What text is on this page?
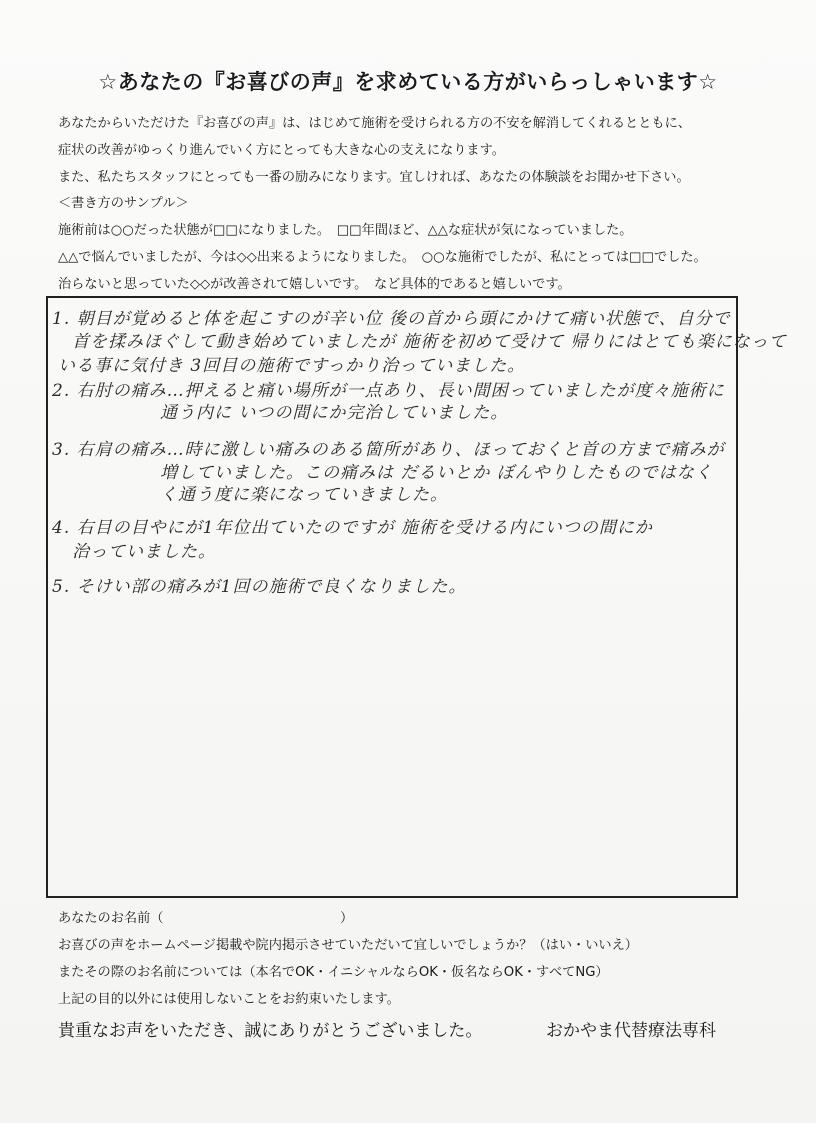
☆あなたの『お喜びの声』を求めている方がいらっしゃいます☆
あなたからいただけた『お喜びの声』は、はじめて施術を受けられる方の不安を解消してくれるとともに、
症状の改善がゆっくり進んでいく方にとっても大きな心の支えになります。
また、私たちスタッフにとっても一番の励みになります。宜しければ、あなたの体験談をお聞かせ下さい。
＜書き方のサンプル＞
施術前は○○だった状態が□□になりました。　□□年間ほど、△△な症状が気になっていました。
△△で悩んでいましたが、今は◇◇出来るようになりました。　○○な施術でしたが、私にとっては□□でした。
治らないと思っていた◇◇が改善されて嬉しいです。　など具体的であると嬉しいです。
1. 朝目が覚めると体を起こすのが辛い位 後の首から頭にかけて痛い状態で、自分で
首を揉みほぐして動き始めていましたが 施術を初めて受けて 帰りにはとても楽になって
いる事に気付き 3回目の施術ですっかり治っていました。
2. 右肘の痛み…押えると痛い場所が一点あり、長い間困っていましたが度々施術に
通う内に いつの間にか完治していました。
3. 右肩の痛み…時に激しい痛みのある箇所があり、ほっておくと首の方まで痛みが
増していました。この痛みは だるいとか ぼんやりしたものではなく
く通う度に楽になっていきました。
4. 右目の目やにが1年位出ていたのですが 施術を受ける内にいつの間にか
治っていました。
5. そけい部の痛みが1回の施術で良くなりました。
あなたのお名前（	）
お喜びの声をホームページ掲載や院内掲示させていただいて宜しいでしょうか？（はい・いいえ）
またその際のお名前については（本名でOK・イニシャルならOK・仮名ならOK・すべてNG）
上記の目的以外には使用しないことをお約束いたします。
貴重なお声をいただき、誠にありがとうございました。	おかやま代替療法専科
